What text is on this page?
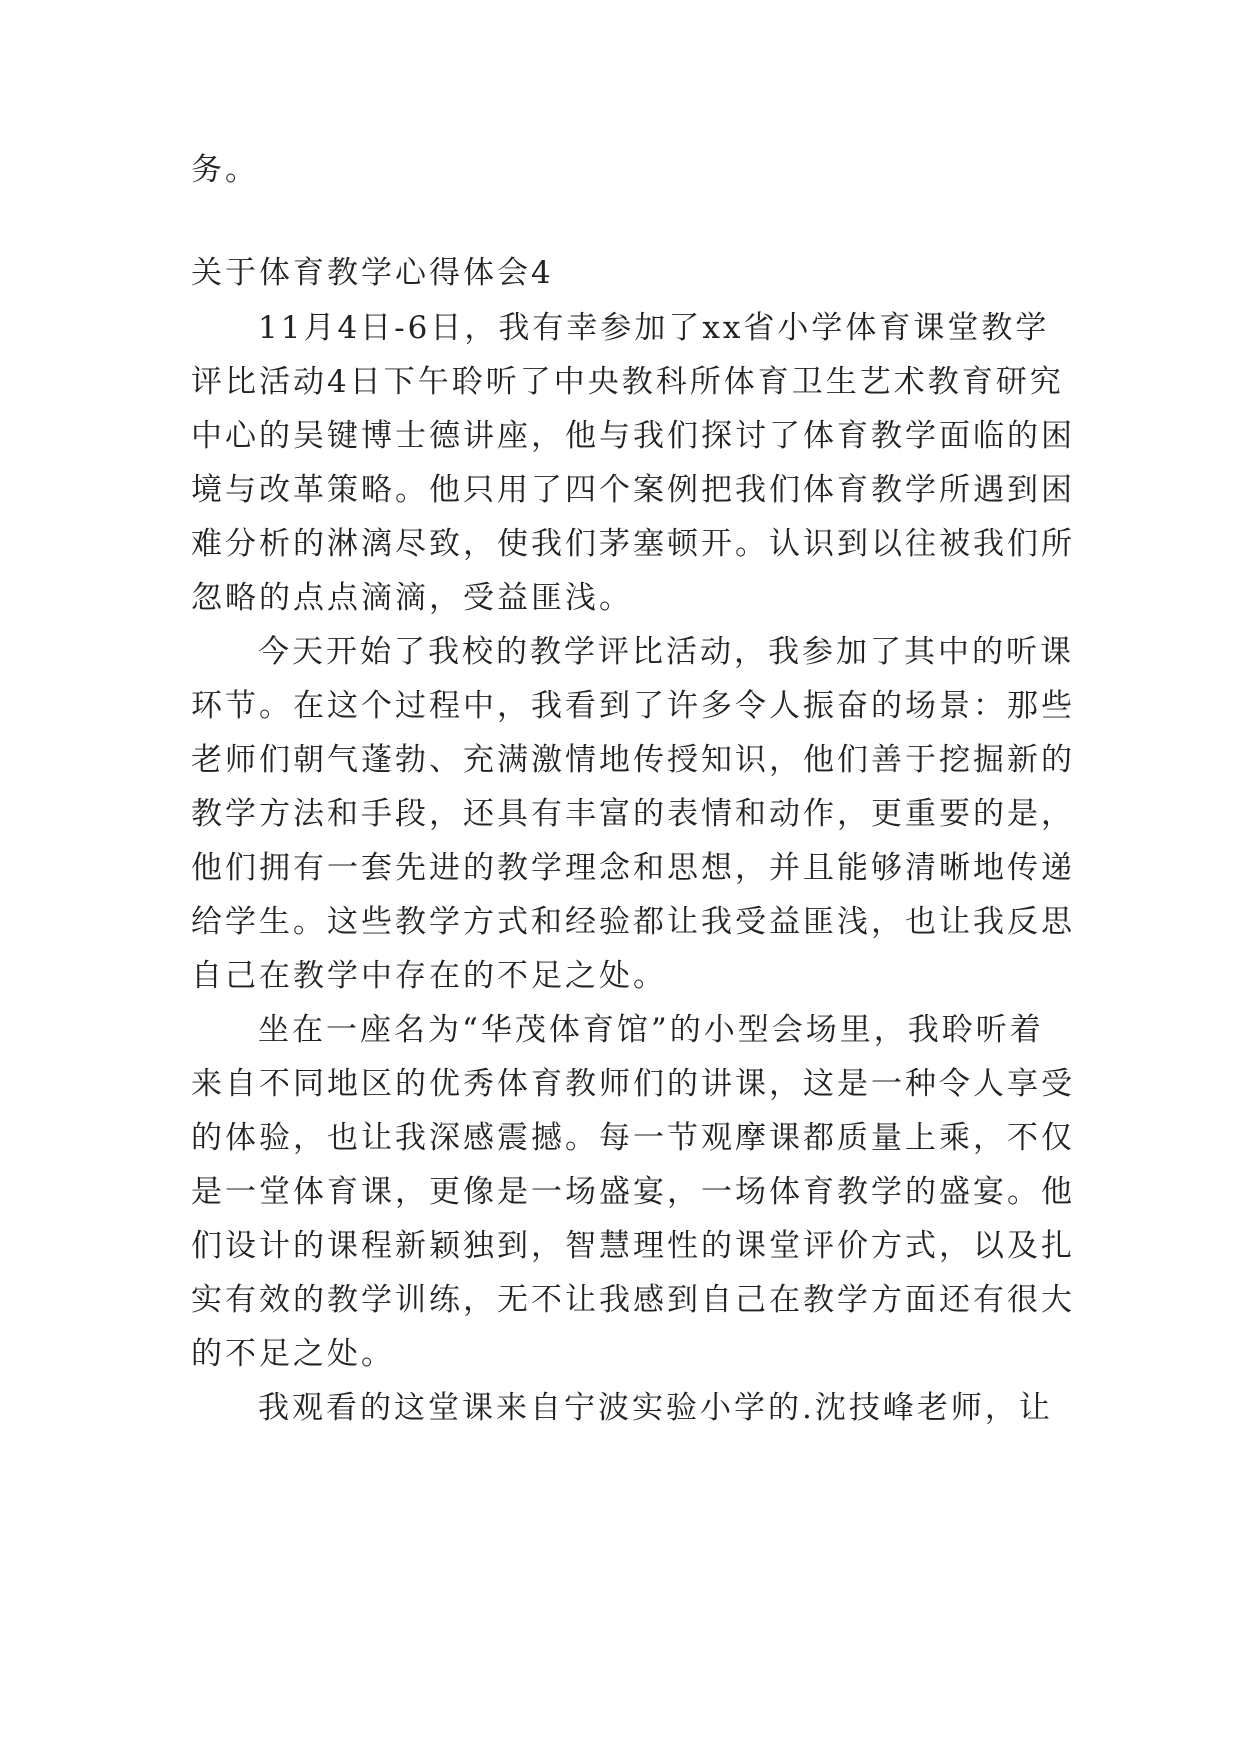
务。
关于体育教学心得体会4
11月4日-6日，我有幸参加了xx省小学体育课堂教学
评比活动4日下午聆听了中央教科所体育卫生艺术教育研究
中心的吴键博士德讲座，他与我们探讨了体育教学面临的困
境与改革策略。他只用了四个案例把我们体育教学所遇到困
难分析的淋漓尽致，使我们茅塞顿开。认识到以往被我们所
忽略的点点滴滴，受益匪浅。
今天开始了我校的教学评比活动，我参加了其中的听课
环节。在这个过程中，我看到了许多令人振奋的场景：那些
老师们朝气蓬勃、充满激情地传授知识，他们善于挖掘新的
教学方法和手段，还具有丰富的表情和动作，更重要的是，
他们拥有一套先进的教学理念和思想，并且能够清晰地传递
给学生。这些教学方式和经验都让我受益匪浅，也让我反思
自己在教学中存在的不足之处。
坐在一座名为“华茂体育馆”的小型会场里，我聆听着
来自不同地区的优秀体育教师们的讲课，这是一种令人享受
的体验，也让我深感震撼。每一节观摩课都质量上乘，不仅
是一堂体育课，更像是一场盛宴，一场体育教学的盛宴。他
们设计的课程新颖独到，智慧理性的课堂评价方式，以及扎
实有效的教学训练，无不让我感到自己在教学方面还有很大
的不足之处。
我观看的这堂课来自宁波实验小学的.沈技峰老师，让
